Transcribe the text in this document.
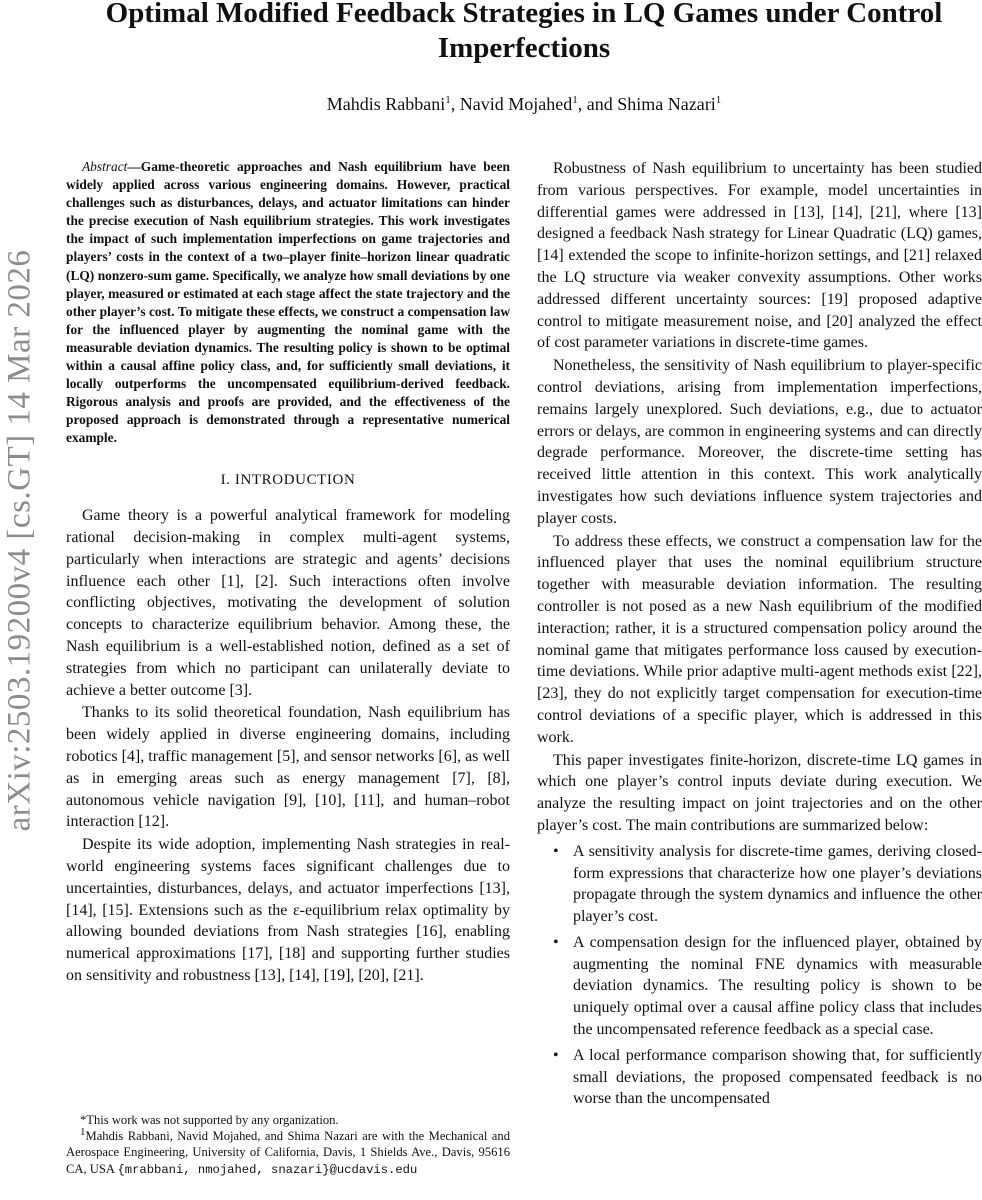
arXiv:2503.19200v4 [cs.GT] 14 Mar 2026
Optimal Modified Feedback Strategies in LQ Games under Control Imperfections
Mahdis Rabbani$^1$, Navid Mojahed$^1$, and Shima Nazari$^1$

Abstract—Game-theoretic approaches and Nash equilibrium have been widely applied across various engineering domains. However, practical challenges such as disturbances, delays, and actuator limitations can hinder the precise execution of Nash equilibrium strategies. This work investigates the impact of such implementation imperfections on game trajectories and players’ costs in the context of a two–player finite–horizon linear quadratic (LQ) nonzero-sum game. Specifically, we analyze how small deviations by one player, measured or estimated at each stage affect the state trajectory and the other player’s cost. To mitigate these effects, we construct a compensation law for the influenced player by augmenting the nominal game with the measurable deviation dynamics. The resulting policy is shown to be optimal within a causal affine policy class, and, for sufficiently small deviations, it locally outperforms the uncompensated equilibrium-derived feedback. Rigorous analysis and proofs are provided, and the effectiveness of the proposed approach is demonstrated through a representative numerical example.

I. INTRODUCTION

Game theory is a powerful analytical framework for modeling rational decision-making in complex multi-agent systems, particularly when interactions are strategic and agents’ decisions influence each other [1], [2]. Such interactions often involve conflicting objectives, motivating the development of solution concepts to characterize equilibrium behavior. Among these, the Nash equilibrium is a well-established notion, defined as a set of strategies from which no participant can unilaterally deviate to achieve a better outcome [3].

Thanks to its solid theoretical foundation, Nash equilibrium has been widely applied in diverse engineering domains, including robotics [4], traffic management [5], and sensor networks [6], as well as in emerging areas such as energy management [7], [8], autonomous vehicle navigation [9], [10], [11], and human–robot interaction [12].

Despite its wide adoption, implementing Nash strategies in real-world engineering systems faces significant challenges due to uncertainties, disturbances, delays, and actuator imperfections [13], [14], [15]. Extensions such as the ε-equilibrium relax optimality by allowing bounded deviations from Nash strategies [16], enabling numerical approximations [17], [18] and supporting further studies on sensitivity and robustness [13], [14], [19], [20], [21].

*This work was not supported by any organization.

$^1$Mahdis Rabbani, Navid Mojahed, and Shima Nazari are with the Mechanical and Aerospace Engineering, University of California, Davis, 1 Shields Ave., Davis, 95616 CA, USA {mrabbani, nmojahed, snazari}@ucdavis.edu

Robustness of Nash equilibrium to uncertainty has been studied from various perspectives. For example, model uncertainties in differential games were addressed in [13], [14], [21], where [13] designed a feedback Nash strategy for Linear Quadratic (LQ) games, [14] extended the scope to infinite-horizon settings, and [21] relaxed the LQ structure via weaker convexity assumptions. Other works addressed different uncertainty sources: [19] proposed adaptive control to mitigate measurement noise, and [20] analyzed the effect of cost parameter variations in discrete-time games.

Nonetheless, the sensitivity of Nash equilibrium to player-specific control deviations, arising from implementation imperfections, remains largely unexplored. Such deviations, e.g., due to actuator errors or delays, are common in engineering systems and can directly degrade performance. Moreover, the discrete-time setting has received little attention in this context. This work analytically investigates how such deviations influence system trajectories and player costs.

To address these effects, we construct a compensation law for the influenced player that uses the nominal equilibrium structure together with measurable deviation information. The resulting controller is not posed as a new Nash equilibrium of the modified interaction; rather, it is a structured compensation policy around the nominal game that mitigates performance loss caused by execution-time deviations. While prior adaptive multi-agent methods exist [22], [23], they do not explicitly target compensation for execution-time control deviations of a specific player, which is addressed in this work.

This paper investigates finite-horizon, discrete-time LQ games in which one player’s control inputs deviate during execution. We analyze the resulting impact on joint trajectories and on the other player’s cost. The main contributions are summarized below:

• A sensitivity analysis for discrete-time games, deriving closed-form expressions that characterize how one player’s deviations propagate through the system dynamics and influence the other player’s cost.
• A compensation design for the influenced player, obtained by augmenting the nominal FNE dynamics with measurable deviation dynamics. The resulting policy is shown to be uniquely optimal over a causal affine policy class that includes the uncompensated reference feedback as a special case.
• A local performance comparison showing that, for sufficiently small deviations, the proposed compensated feedback is no worse than the uncompensated
